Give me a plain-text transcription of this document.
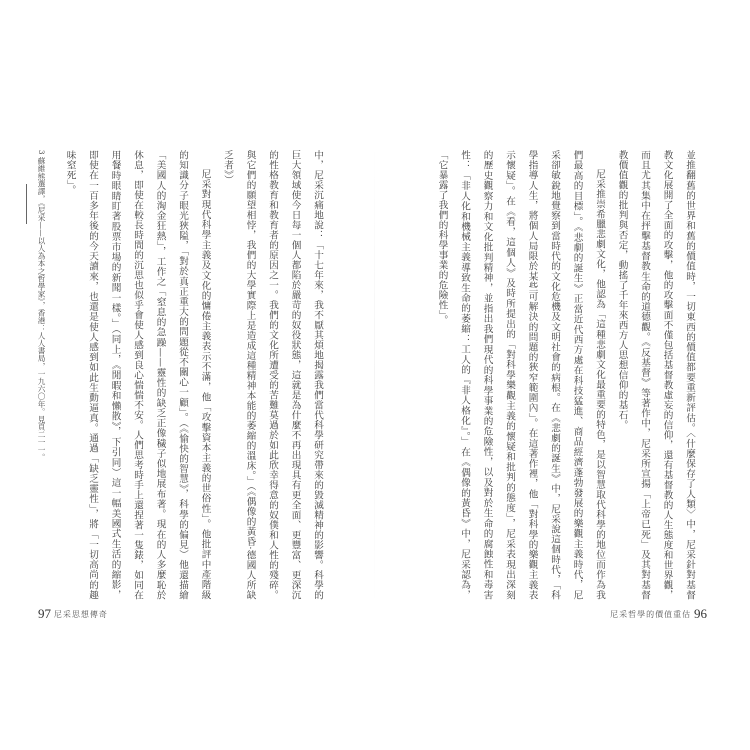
3 蘇維熊選譯，《尼采——以人為本之哲學家》，香港：人人書局，一九六〇年。見頁二一一。	中，尼采沉痛地說：「十七年來，我不厭其煩地揭露我們當代科學研究帶來的毀滅精神的影響。科學的巨大領域使今日每一個人都陷於嚴苛的奴役狀態，這就是為什麼不再出現具有更全面、更豐富、更深沉的性格教育和教育者的原因之一。我們的文化所遭受的苦難莫過於如此欣幸得意的奴僕和人性的殘碎。與它們的願望相悖，我們的大學實際上是造成這種精神本能的萎縮的溫床。」（《偶像的黃昏·德國人所缺乏者》）

尼采對現代科學主義及文化的慵倦主義表示不滿，他「攻擊資本主義的世俗性」。他批評中產階級的知識分子眼光狹隘，「對於真正重大的問題從不關心一顧」。（《愉快的智慧》，科學的偏見）他還描繪「美國人的淘金狂熱」，工作之「窒息的急躁——靈性的缺乏正像穢子似地展布著。現在的人多麼恥於休息，即使在較長時間的沉思也似乎會使人感到良心惴惴不安。人們思考時手上還捏著一隻錶，如同在用餐時眼睛盯著股票市場的新聞一樣。」（同上，《閒暇和懶散》，下引同）這一幅美國式生活的縮影，即使在一百多年後的今天讀來，也還是使人感到如此生動逼真。通過「缺乏靈性」，將「一切高尚的趣味窒死」。

97 尼采思想傳奇

並推翻舊的世界和舊的價值時，一切東西的價值都要重新評估。〈什麼保存了人類〉中，尼采針對基督教文化展開了全面的攻擊，他的攻擊面不僅包括基督教虛妄的信仰，還有基督教的人生態度和世界觀，而且尤其集中在抨擊基督教生命的道德觀。《反基督》等著作中，尼采所宣揚「上帝已死」及其對基督教價值觀的批判與否定，動搖了千年來西方人思想信仰的基石。

尼采推崇希臘悲劇文化，他認為「這種悲劇文化最重要的特色，是以智慧取代科學的地位而作為我們最高的目標」。《悲劇的誕生》正當近代西方處在科技猛進、商品經濟蓬勃發展的樂觀主義時代，尼采卻敏銳地覺察到當時代的文化危機及文明社會的病根。在《悲劇的誕生》中，尼采說這個時代，「科學指導人生，將個人局限於某些可解決的問題的狹窄範圍內」。在這著作裡，他「對科學的樂觀主義表示懷疑」。在《看，這個人》及時所提出的「對科學樂觀主義的懷疑和批判的態度」，尼采表現出深刻的歷史觀察力和文化批判精神，並指出我們現代的科學事業的危險性，以及對於生命的腐蝕性和毒害性：「非人化和機械主義導致生命的萎縮：工人的『非人格化』。」在《偶像的黃昏》中，尼采認為，「它暴露了我們的科學事業的危險性」。

尼采哲學的價值重估 96
